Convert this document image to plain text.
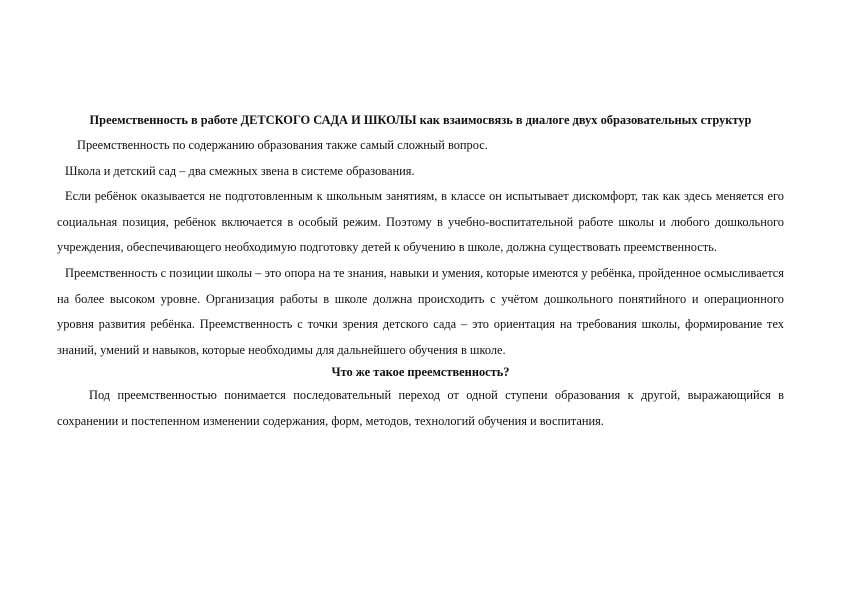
Преемственность в работе ДЕТСКОГО САДА И ШКОЛЫ как взаимосвязь в диалоге двух образовательных структур

Преемственность по содержанию образования также самый сложный вопрос.

Школа и детский сад – два смежных звена в системе образования.

Если ребёнок оказывается не подготовленным к школьным занятиям, в классе он испытывает дискомфорт, так как здесь меняется его социальная позиция, ребёнок включается в особый режим. Поэтому в учебно-воспитательной работе школы и любого дошкольного учреждения, обеспечивающего необходимую подготовку детей к обучению в школе, должна существовать преемственность.

Преемственность с позиции школы – это опора на те знания, навыки и умения, которые имеются у ребёнка, пройденное осмысливается на более высоком уровне. Организация работы в школе должна происходить с учётом дошкольного понятийного и операционного уровня развития ребёнка. Преемственность с точки зрения детского сада – это ориентация на требования школы, формирование тех знаний, умений и навыков, которые необходимы для дальнейшего обучения в школе.

Что же такое преемственность?

Под преемственностью понимается последовательный переход от одной ступени образования к другой, выражающийся в сохранении и постепенном изменении содержания, форм, методов, технологий обучения и воспитания.
